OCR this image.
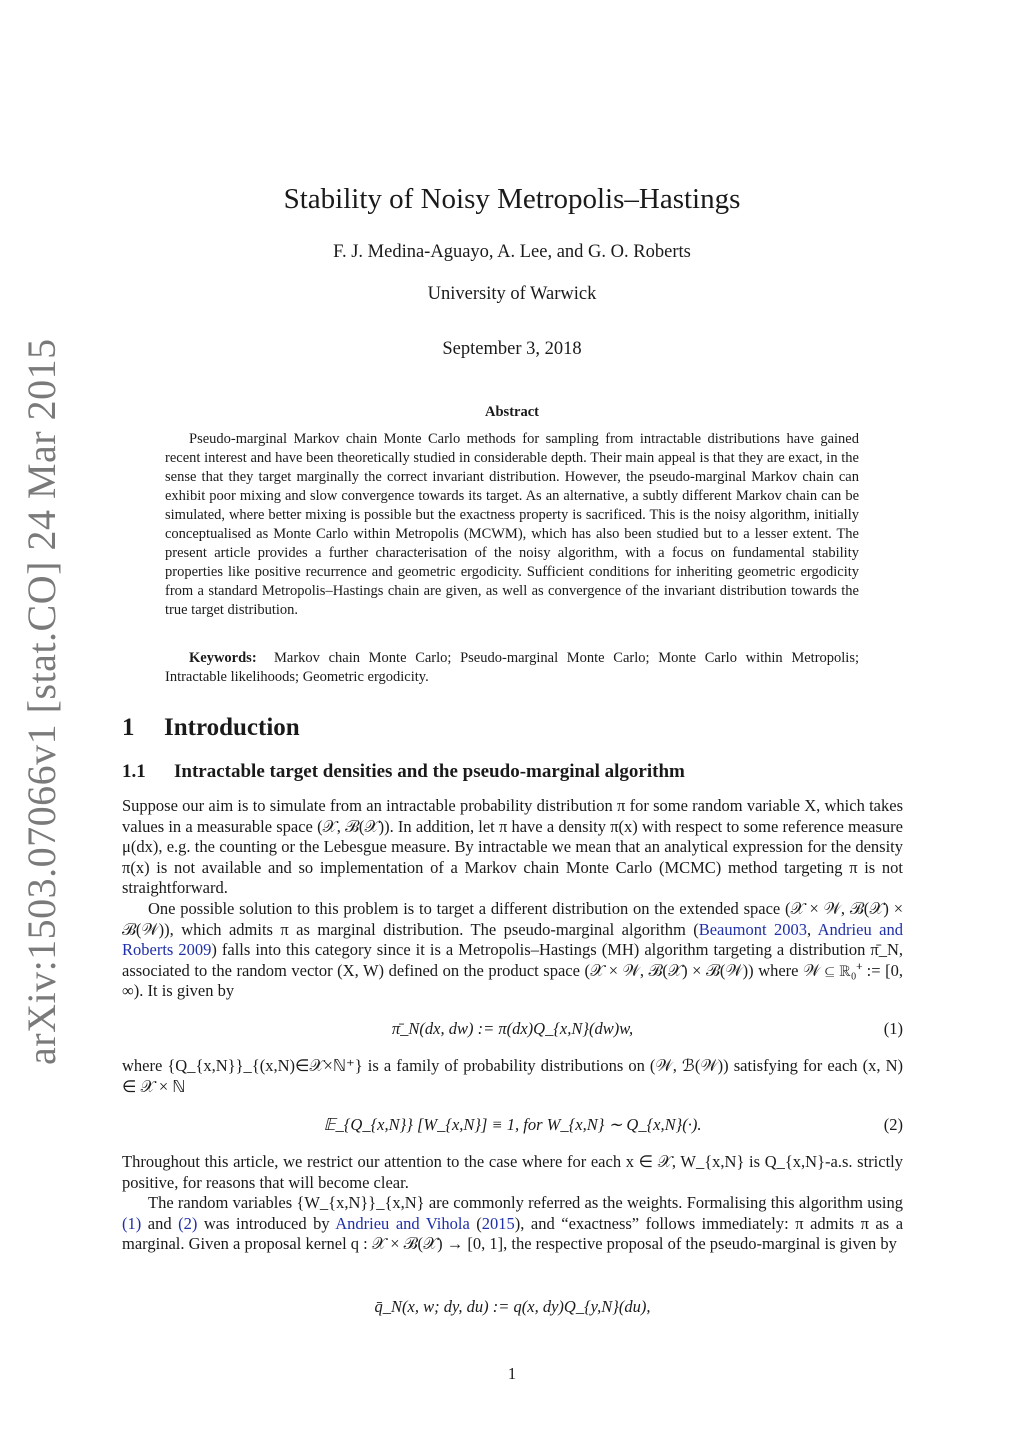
arXiv:1503.07066v1 [stat.CO] 24 Mar 2015
Stability of Noisy Metropolis–Hastings
F. J. Medina-Aguayo, A. Lee, and G. O. Roberts
University of Warwick
September 3, 2018
Abstract
Pseudo-marginal Markov chain Monte Carlo methods for sampling from intractable distributions have gained recent interest and have been theoretically studied in considerable depth. Their main appeal is that they are exact, in the sense that they target marginally the correct invariant distribution. However, the pseudo-marginal Markov chain can exhibit poor mixing and slow convergence towards its target. As an alternative, a subtly different Markov chain can be simulated, where better mixing is possible but the exactness property is sacrificed. This is the noisy algorithm, initially conceptualised as Monte Carlo within Metropolis (MCWM), which has also been studied but to a lesser extent. The present article provides a further characterisation of the noisy algorithm, with a focus on fundamental stability properties like positive recurrence and geometric ergodicity. Sufficient conditions for inheriting geometric ergodicity from a standard Metropolis–Hastings chain are given, as well as convergence of the invariant distribution towards the true target distribution.
Keywords: Markov chain Monte Carlo; Pseudo-marginal Monte Carlo; Monte Carlo within Metropolis; Intractable likelihoods; Geometric ergodicity.
1 Introduction
1.1 Intractable target densities and the pseudo-marginal algorithm
Suppose our aim is to simulate from an intractable probability distribution π for some random variable X, which takes values in a measurable space (𝒳, ℬ(𝒳)). In addition, let π have a density π(x) with respect to some reference measure μ(dx), e.g. the counting or the Lebesgue measure. By intractable we mean that an analytical expression for the density π(x) is not available and so implementation of a Markov chain Monte Carlo (MCMC) method targeting π is not straightforward.
One possible solution to this problem is to target a different distribution on the extended space (𝒳 × 𝒲, ℬ(𝒳) × ℬ(𝒲)), which admits π as marginal distribution. The pseudo-marginal algorithm (Beaumont 2003, Andrieu and Roberts 2009) falls into this category since it is a Metropolis–Hastings (MH) algorithm targeting a distribution π̄_N, associated to the random vector (X, W) defined on the product space (𝒳 × 𝒲, ℬ(𝒳) × ℬ(𝒲)) where 𝒲 ⊆ ℝ₀⁺ := [0, ∞). It is given by
π̄_N(dx, dw) := π(dx)Q_{x,N}(dw)w,	(1)
where {Q_{x,N}}_{(x,N)∈𝒳×ℕ⁺} is a family of probability distributions on (𝒲, ℬ(𝒲)) satisfying for each (x, N) ∈ 𝒳 × ℕ
𝔼_{Q_{x,N}} [W_{x,N}] ≡ 1, for W_{x,N} ∼ Q_{x,N}(·).	(2)
Throughout this article, we restrict our attention to the case where for each x ∈ 𝒳, W_{x,N} is Q_{x,N}-a.s. strictly positive, for reasons that will become clear.
The random variables {W_{x,N}}_{x,N} are commonly referred as the weights. Formalising this algorithm using (1) and (2) was introduced by Andrieu and Vihola (2015), and “exactness” follows immediately: π admits π as a marginal. Given a proposal kernel q : 𝒳 × ℬ(𝒳) → [0, 1], the respective proposal of the pseudo-marginal is given by
q̄_N(x, w; dy, du) := q(x, dy)Q_{y,N}(du),
1
